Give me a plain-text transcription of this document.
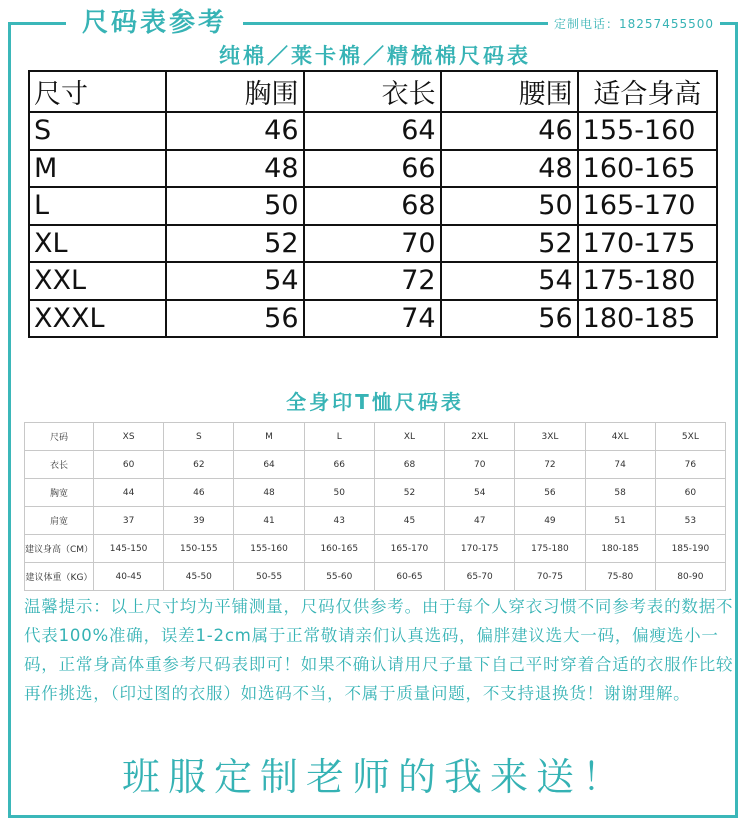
尺码表参考	定制电话：18257455500
纯棉／莱卡棉／精梳棉尺码表
尺寸	胸围	衣长	腰围	适合身高
S	46	64	46	155-160
M	48	66	48	160-165
L	50	68	50	165-170
XL	52	70	52	170-175
XXL	54	72	54	175-180
XXXL	56	74	56	180-185
全身印T恤尺码表
尺码	XS	S	M	L	XL	2XL	3XL	4XL	5XL
衣长	60	62	64	66	68	70	72	74	76
胸宽	44	46	48	50	52	54	56	58	60
肩宽	37	39	41	43	45	47	49	51	53
建议身高（CM）	145-150	150-155	155-160	160-165	165-170	170-175	175-180	180-185	185-190
建议体重（KG）	40-45	45-50	50-55	55-60	60-65	65-70	70-75	75-80	80-90
温馨提示：以上尺寸均为平铺测量，尺码仅供参考。由于每个人穿衣习惯不同参考表的数据不代表100%准确，误差1-2cm属于正常敬请亲们认真选码，偏胖建议选大一码，偏瘦选小一码，正常身高体重参考尺码表即可！如果不确认请用尺子量下自己平时穿着合适的衣服作比较再作挑选，（印过图的衣服）如选码不当，不属于质量问题，不支持退换货！谢谢理解。
班服定制老师的我来送！
